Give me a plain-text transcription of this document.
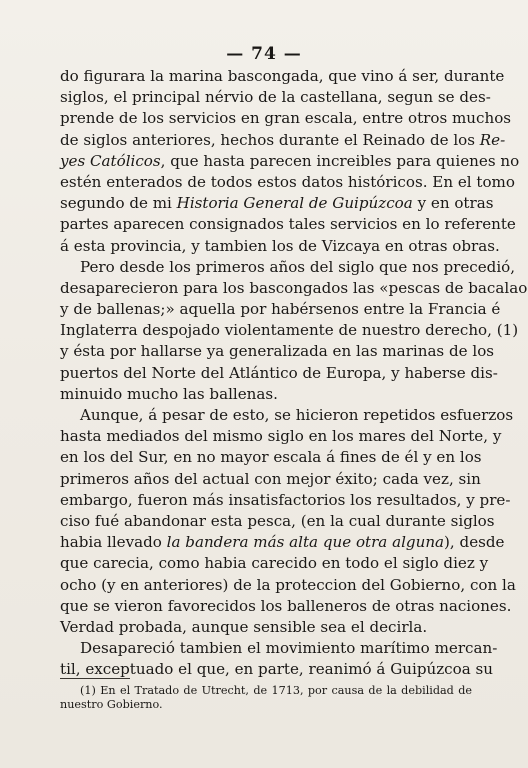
— 74 —
do figurara la marina bascongada, que vino á ser, durante
siglos, el principal nérvio de la castellana, segun se des-
prende de los servicios en gran escala, entre otros muchos
de siglos anteriores, hechos durante el Reinado de los Re-
yes Católicos, que hasta parecen increibles para quienes no
estén enterados de todos estos datos históricos. En el tomo
segundo de mi Historia General de Guipúzcoa y en otras
partes aparecen consignados tales servicios en lo referente
á esta provincia, y tambien los de Vizcaya en otras obras.
Pero desde los primeros años del siglo que nos precedió,
desaparecieron para los bascongados las «pescas de bacalao
y de ballenas;» aquella por habérsenos entre la Francia é
Inglaterra despojado violentamente de nuestro derecho, (1)
y ésta por hallarse ya generalizada en las marinas de los
puertos del Norte del Atlántico de Europa, y haberse dis-
minuido mucho las ballenas.
Aunque, á pesar de esto, se hicieron repetidos esfuerzos
hasta mediados del mismo siglo en los mares del Norte, y
en los del Sur, en no mayor escala á fines de él y en los
primeros años del actual con mejor éxito; cada vez, sin
embargo, fueron más insatisfactorios los resultados, y pre-
ciso fué abandonar esta pesca, (en la cual durante siglos
habia llevado la bandera más alta que otra alguna), desde
que carecia, como habia carecido en todo el siglo diez y
ocho (y en anteriores) de la proteccion del Gobierno, con la
que se vieron favorecidos los balleneros de otras naciones.
Verdad probada, aunque sensible sea el decirla.
Desapareció tambien el movimiento marítimo mercan-
til, exceptuado el que, en parte, reanimó á Guipúzcoa su
(1) En el Tratado de Utrecht, de 1713, por causa de la debilidad de
nuestro Gobierno.
